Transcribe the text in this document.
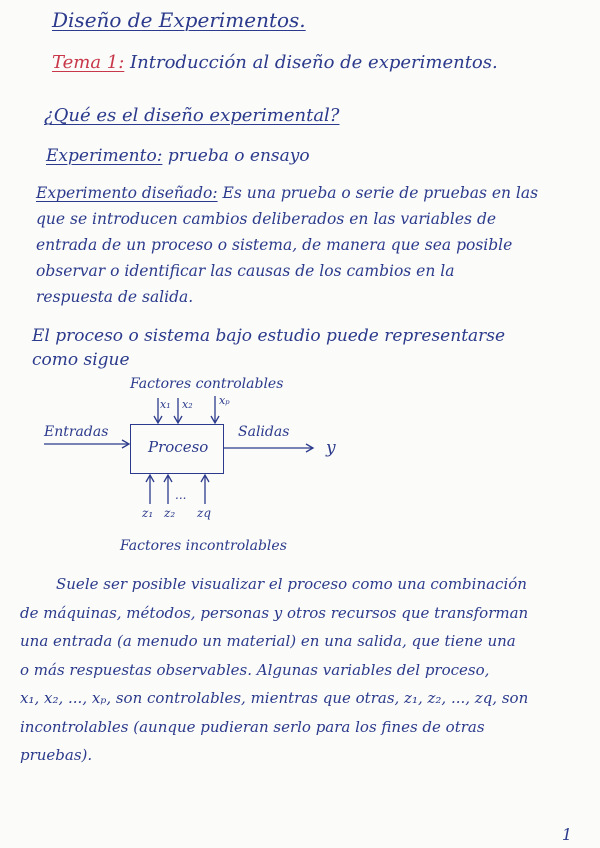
Diseño de Experimentos.
Tema 1: Introducción al diseño de experimentos.
¿Qué es el diseño experimental?
Experimento: prueba o ensayo
Experimento diseñado: Es una prueba o serie de pruebas en las
que se introducen cambios deliberados en las variables de
entrada de un proceso o sistema, de manera que sea posible
observar o identificar las causas de los cambios en la
respuesta de salida.
El proceso o sistema bajo estudio puede representarse
como sigue
Factores controlables
x₁ x₂ xₚ
Entradas
Proceso
Salidas
y
z₁ z₂
...
zq
Factores incontrolables
Suele ser posible visualizar el proceso como una combinación
de máquinas, métodos, personas y otros recursos que transforman
una entrada (a menudo un material) en una salida, que tiene una
o más respuestas observables. Algunas variables del proceso,
x₁, x₂, ..., xₚ, son controlables, mientras que otras, z₁, z₂, ..., zq, son
incontrolables (aunque pudieran serlo para los fines de otras
pruebas).
1
